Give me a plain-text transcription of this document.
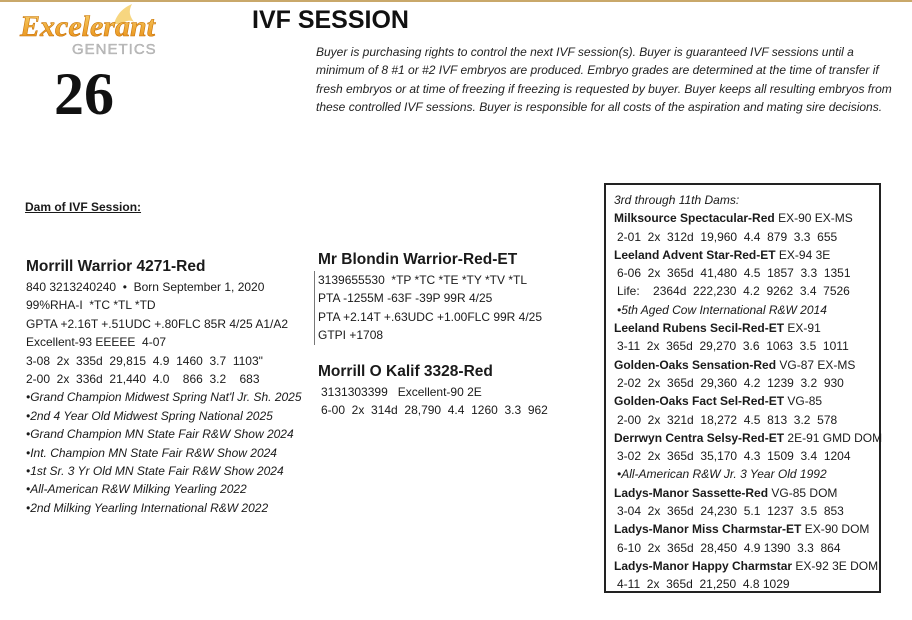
Excelerant
GENETICS
26
IVF SESSION

Buyer is purchasing rights to control the next IVF session(s). Buyer is guaranteed IVF sessions until a minimum of 8 #1 or #2 IVF embryos are produced. Embryo grades are determined at the time of transfer if fresh embryos or at time of freezing if freezing is requested by buyer. Buyer keeps all resulting embryos from these controlled IVF sessions. Buyer is responsible for all costs of the aspiration and mating sire decisions.

Dam of IVF Session:
Morrill Warrior 4271-Red
840 3213240240  •  Born September 1, 2020
99%RHA-I  *TC *TL *TD
GPTA +2.16T +.51UDC +.80FLC 85R 4/25 A1/A2
Excellent-93 EEEEE  4-07
3-08  2x  335d  29,815  4.9  1460  3.7  1103"
2-00  2x  336d  21,440  4.0    866  3.2    683
•Grand Champion Midwest Spring Nat'l Jr. Sh. 2025
•2nd 4 Year Old Midwest Spring National 2025
•Grand Champion MN State Fair R&W Show 2024
•Int. Champion MN State Fair R&W Show 2024
•1st Sr. 3 Yr Old MN State Fair R&W Show 2024
•All-American R&W Milking Yearling 2022
•2nd Milking Yearling International R&W 2022
Mr Blondin Warrior-Red-ET
3139655530  *TP *TC *TE *TY *TV *TL
PTA -1255M -63F -39P 99R 4/25
PTA +2.14T +.63UDC +1.00FLC 99R 4/25
GTPI +1708
Morrill O Kalif 3328-Red
3131303399   Excellent-90 2E
6-00  2x  314d  28,790  4.4  1260  3.3  962
3rd through 11th Dams:
Milksource Spectacular-Red EX-90 EX-MS
2-01  2x  312d  19,960  4.4  879  3.3  655
Leeland Advent Star-Red-ET EX-94 3E
6-06  2x  365d  41,480  4.5  1857  3.3  1351
Life:    2364d  222,230  4.2  9262  3.4  7526
•5th Aged Cow International R&W 2014
Leeland Rubens Secil-Red-ET EX-91
3-11  2x  365d  29,270  3.6  1063  3.5  1011
Golden-Oaks Sensation-Red VG-87 EX-MS
2-02  2x  365d  29,360  4.2  1239  3.2  930
Golden-Oaks Fact Sel-Red-ET VG-85
2-00  2x  321d  18,272  4.5  813  3.2  578
Derrwyn Centra Selsy-Red-ET 2E-91 GMD DOM
3-02  2x  365d  35,170  4.3  1509  3.4  1204
•All-American R&W Jr. 3 Year Old 1992
Ladys-Manor Sassette-Red VG-85 DOM
3-04  2x  365d  24,230  5.1  1237  3.5  853
Ladys-Manor Miss Charmstar-ET EX-90 DOM
6-10  2x  365d  28,450  4.9 1390  3.3  864
Ladys-Manor Happy Charmstar EX-92 3E DOM
4-11  2x  365d  21,250  4.8 1029
